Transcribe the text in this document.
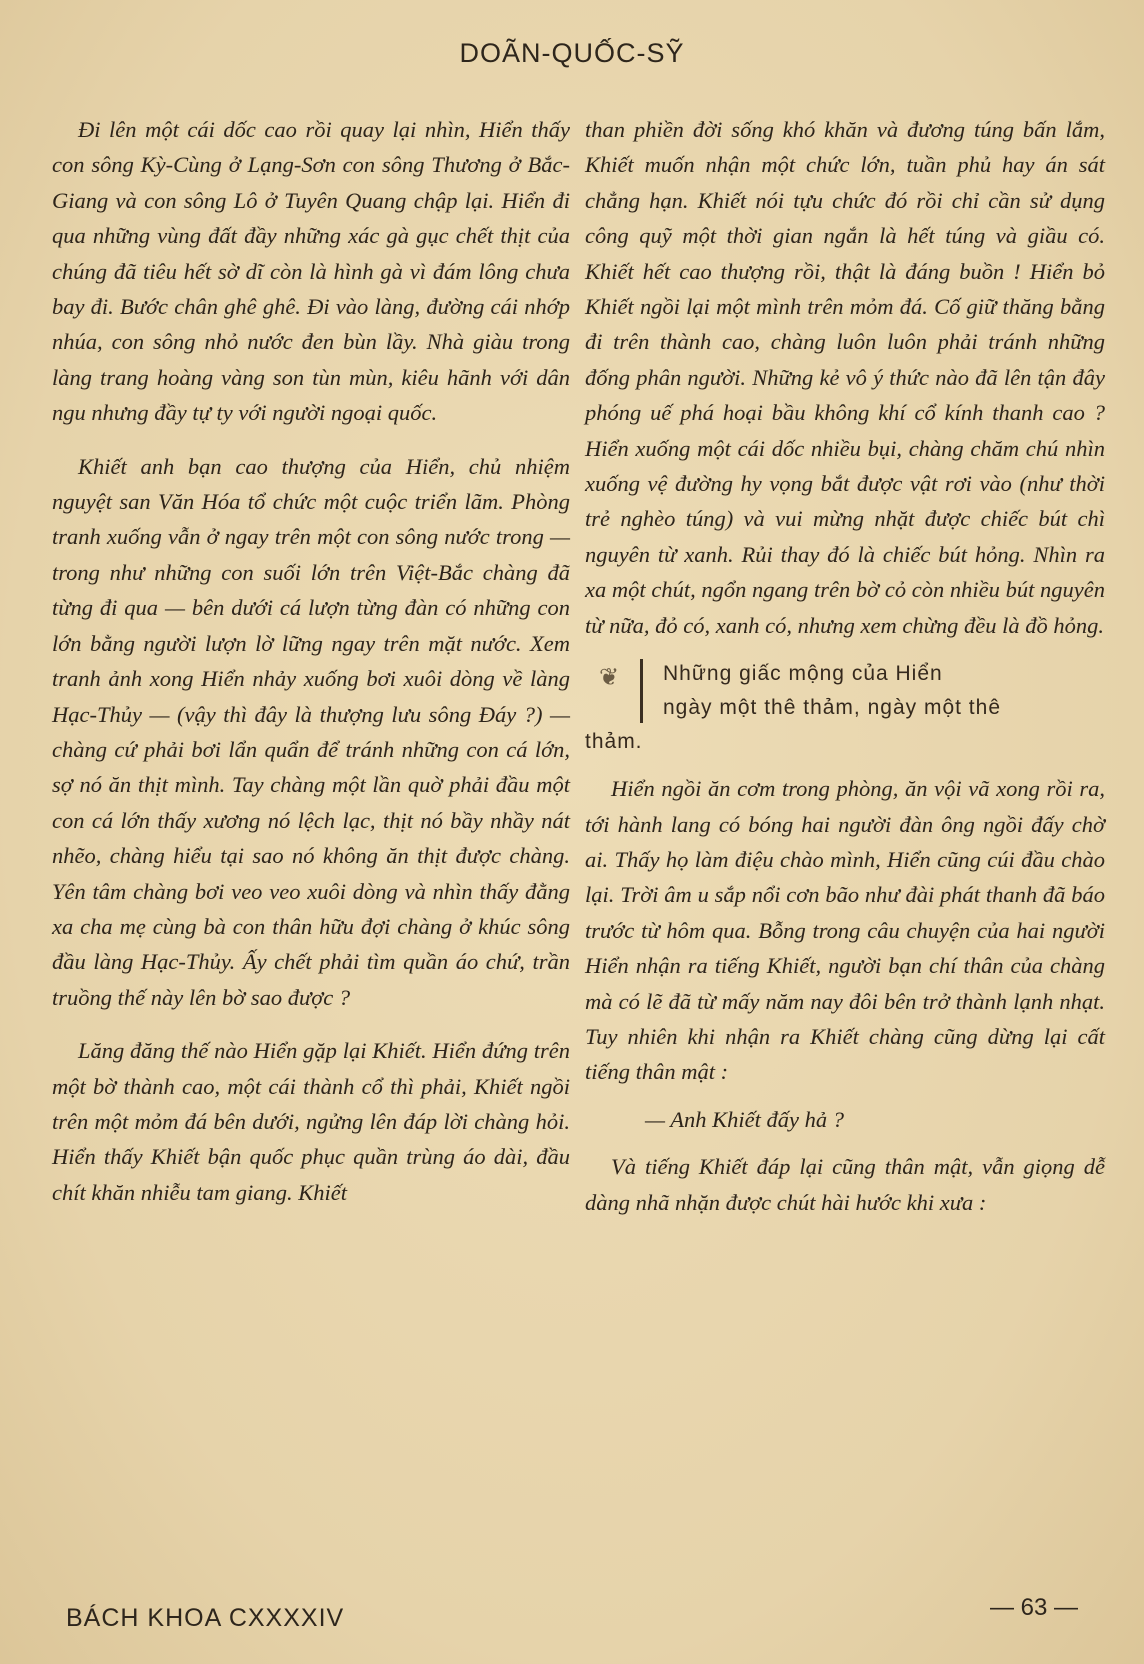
DOÃN-QUỐC-SỸ

Đi lên một cái dốc cao rồi quay lại nhìn, Hiển thấy con sông Kỳ-Cùng ở Lạng-Sơn con sông Thương ở Bắc-Giang và con sông Lô ở Tuyên Quang chập lại. Hiển đi qua những vùng đất đầy những xác gà gục chết thịt của chúng đã tiêu hết sờ dĩ còn là hình gà vì đám lông chưa bay đi. Bước chân ghê ghê. Đi vào làng, đường cái nhớp nhúa, con sông nhỏ nước đen bùn lầy. Nhà giàu trong làng trang hoàng vàng son tùn mùn, kiêu hãnh với dân ngu nhưng đầy tự ty với người ngoại quốc.

Khiết anh bạn cao thượng của Hiển, chủ nhiệm nguyệt san Văn Hóa tổ chức một cuộc triển lãm. Phòng tranh xuống vẫn ở ngay trên một con sông nước trong — trong như những con suối lớn trên Việt-Bắc chàng đã từng đi qua — bên dưới cá lượn từng đàn có những con lớn bằng người lượn lờ lững ngay trên mặt nước. Xem tranh ảnh xong Hiển nhảy xuống bơi xuôi dòng về làng Hạc-Thủy — (vậy thì đây là thượng lưu sông Đáy ?) — chàng cứ phải bơi lẩn quẩn để tránh những con cá lớn, sợ nó ăn thịt mình. Tay chàng một lần quờ phải đầu một con cá lớn thấy xương nó lệch lạc, thịt nó bầy nhầy nát nhẽo, chàng hiểu tại sao nó không ăn thịt được chàng. Yên tâm chàng bơi veo veo xuôi dòng và nhìn thấy đằng xa cha mẹ cùng bà con thân hữu đợi chàng ở khúc sông đầu làng Hạc-Thủy. Ấy chết phải tìm quần áo chứ, trần truồng thế này lên bờ sao được ?

Lăng đăng thế nào Hiển gặp lại Khiết. Hiển đứng trên một bờ thành cao, một cái thành cổ thì phải, Khiết ngồi trên một mỏm đá bên dưới, ngửng lên đáp lời chàng hỏi. Hiển thấy Khiết bận quốc phục quần trùng áo dài, đầu chít khăn nhiễu tam giang. Khiết

than phiền đời sống khó khăn và đương túng bấn lắm, Khiết muốn nhận một chức lớn, tuần phủ hay án sát chẳng hạn. Khiết nói tựu chức đó rồi chỉ cần sử dụng công quỹ một thời gian ngắn là hết túng và giầu có. Khiết hết cao thượng rồi, thật là đáng buồn ! Hiển bỏ Khiết ngồi lại một mình trên mỏm đá. Cố giữ thăng bằng đi trên thành cao, chàng luôn luôn phải tránh những đống phân người. Những kẻ vô ý thức nào đã lên tận đây phóng uế phá hoại bầu không khí cổ kính thanh cao ? Hiển xuống một cái dốc nhiều bụi, chàng chăm chú nhìn xuống vệ đường hy vọng bắt được vật rơi vào (như thời trẻ nghèo túng) và vui mừng nhặt được chiếc bút chì nguyên từ xanh. Rủi thay đó là chiếc bút hỏng. Nhìn ra xa một chút, ngổn ngang trên bờ cỏ còn nhiều bút nguyên từ nữa, đỏ có, xanh có, nhưng xem chừng đều là đồ hỏng.

❦	Những giấc mộng của Hiển
ngày một thê thảm, ngày một thê
thảm.

Hiển ngồi ăn cơm trong phòng, ăn vội vã xong rồi ra, tới hành lang có bóng hai người đàn ông ngồi đấy chờ ai. Thấy họ làm điệu chào mình, Hiển cũng cúi đầu chào lại. Trời âm u sắp nổi cơn bão như đài phát thanh đã báo trước từ hôm qua. Bỗng trong câu chuyện của hai người Hiển nhận ra tiếng Khiết, người bạn chí thân của chàng mà có lẽ đã từ mấy năm nay đôi bên trở thành lạnh nhạt. Tuy nhiên khi nhận ra Khiết chàng cũng dừng lại cất tiếng thân mật :

— Anh Khiết đấy hả ?

Và tiếng Khiết đáp lại cũng thân mật, vẫn giọng dễ dàng nhã nhặn được chút hài hước khi xưa :

BÁCH KHOA CXXXXIV	— 63 —
